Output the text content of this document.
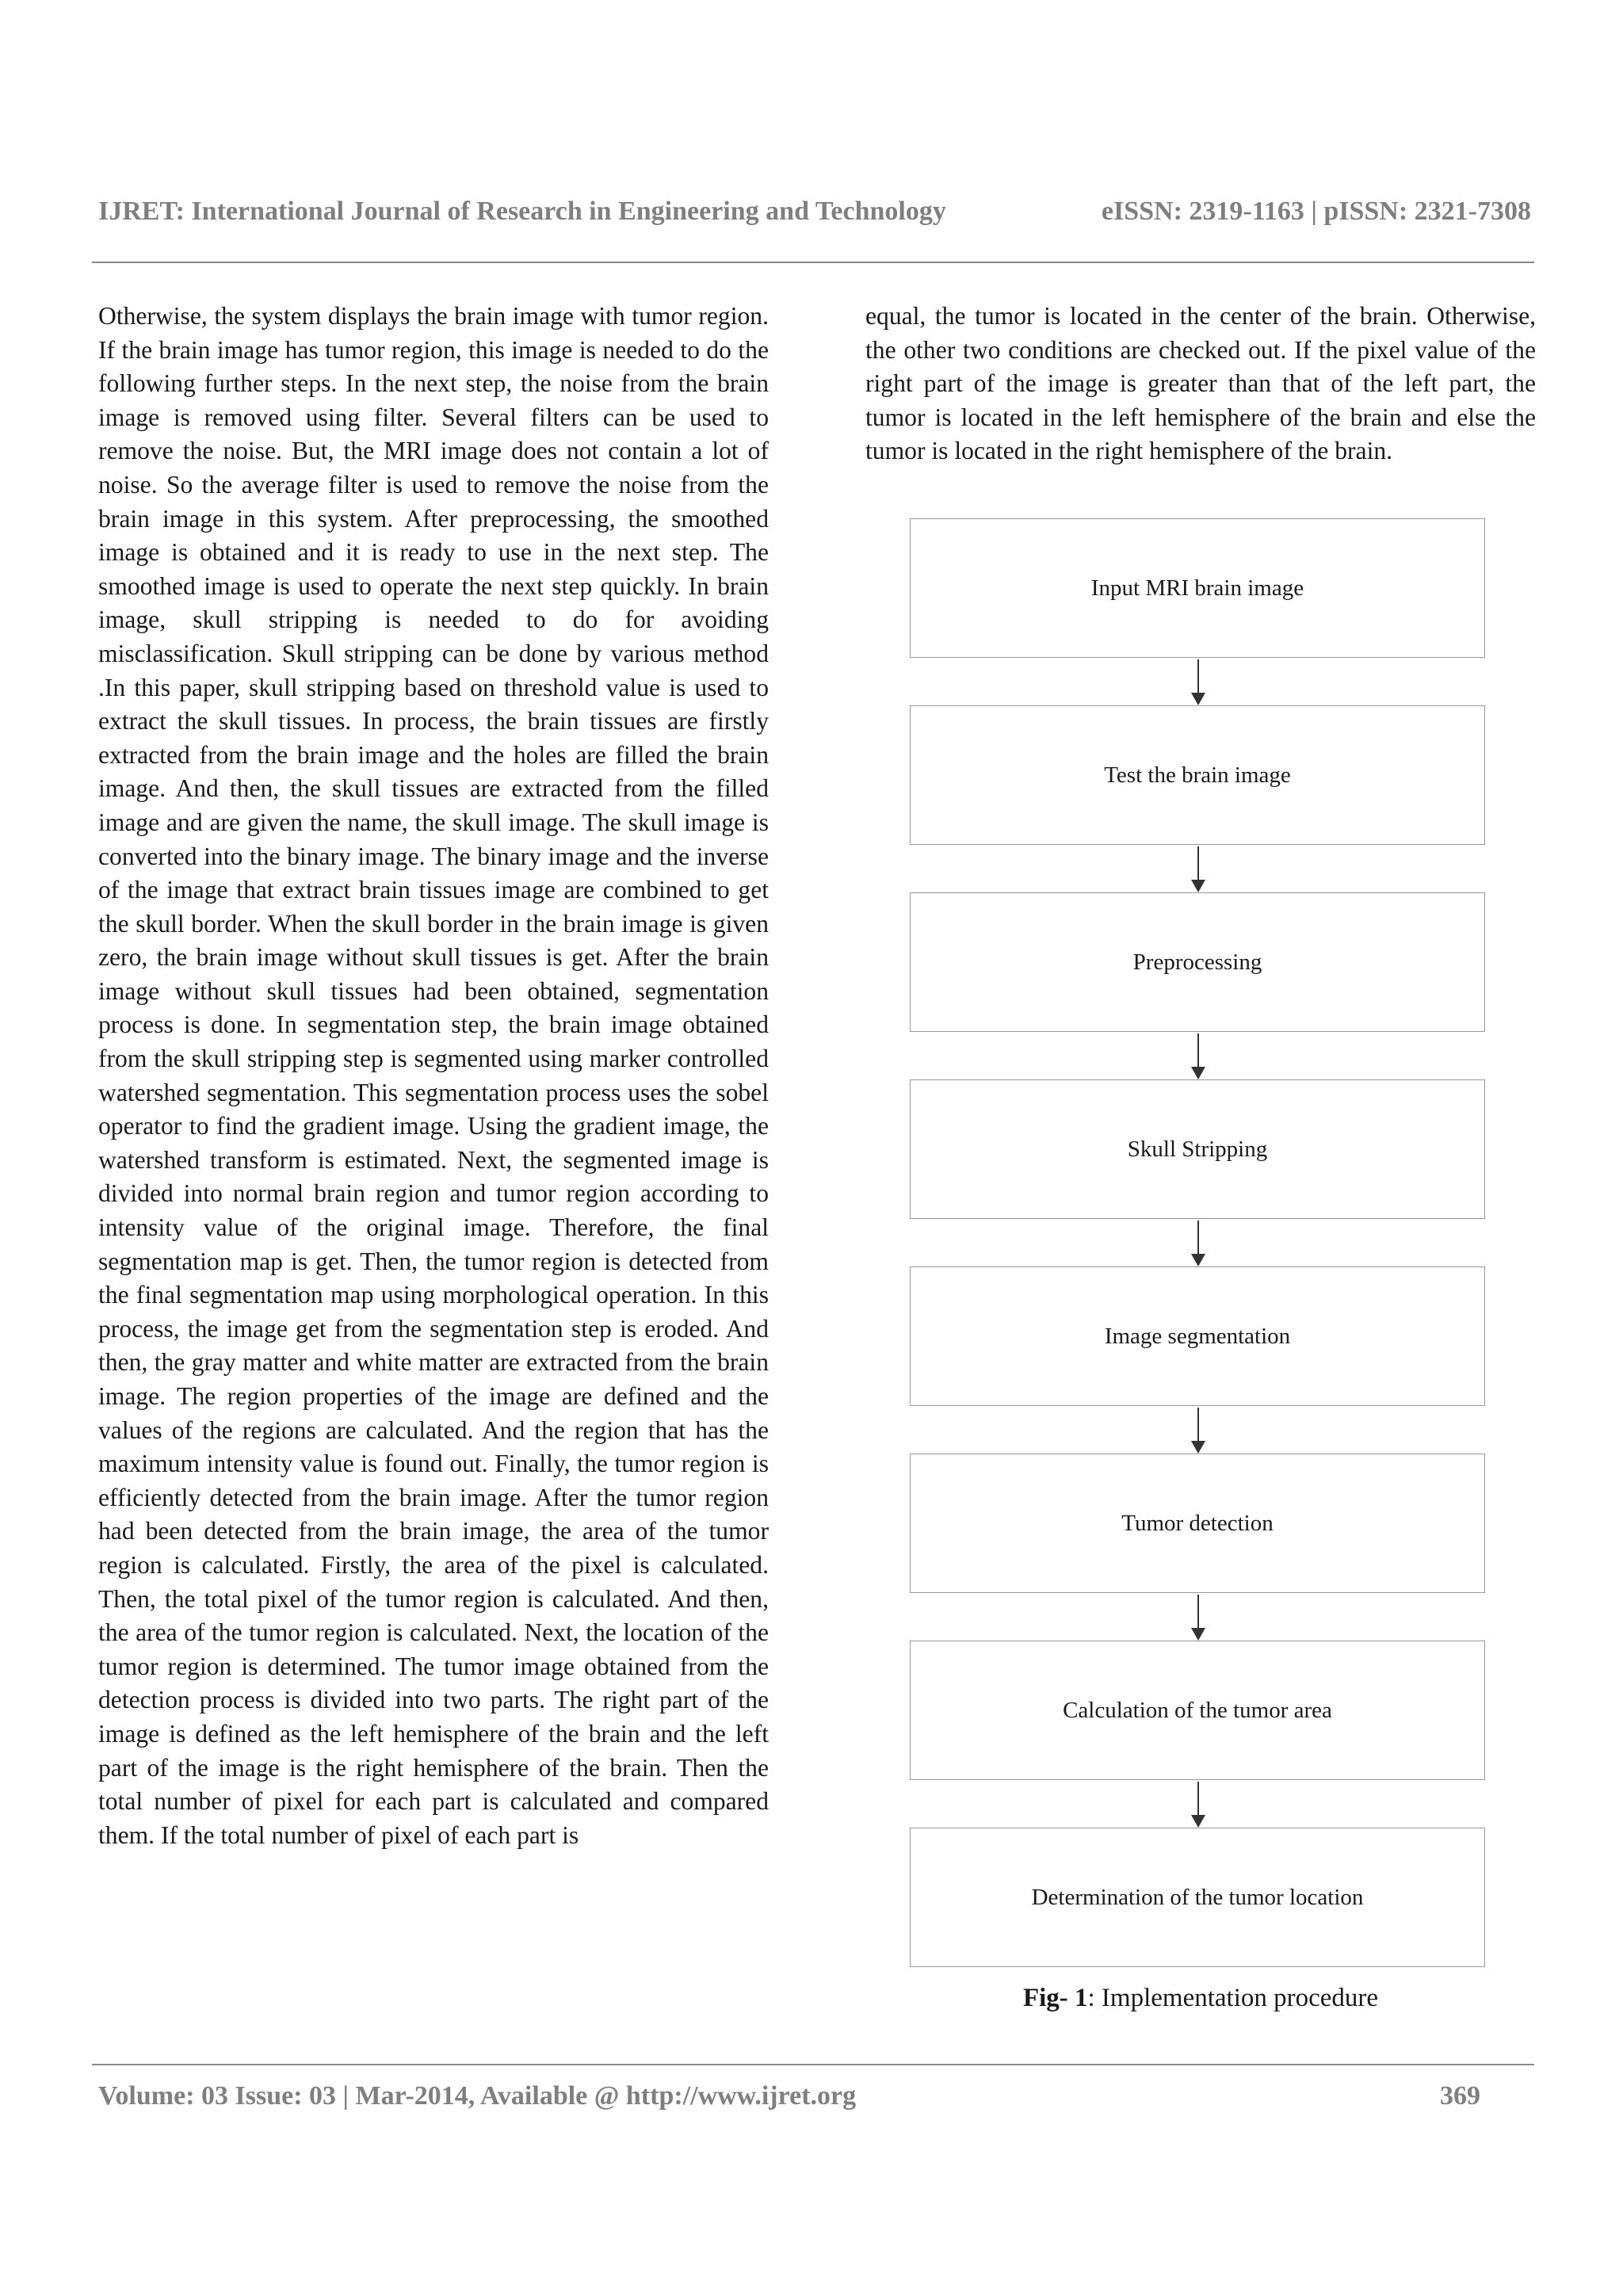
IJRET: International Journal of Research in Engineering and Technology	eISSN: 2319-1163 | pISSN: 2321-7308

Otherwise, the system displays the brain image with tumor region. If the brain image has tumor region, this image is needed to do the following further steps. In the next step, the noise from the brain image is removed using filter. Several filters can be used to remove the noise. But, the MRI image does not contain a lot of noise. So the average filter is used to remove the noise from the brain image in this system. After preprocessing, the smoothed image is obtained and it is ready to use in the next step. The smoothed image is used to operate the next step quickly. In brain image, skull stripping is needed to do for avoiding misclassification. Skull stripping can be done by various method .In this paper, skull stripping based on threshold value is used to extract the skull tissues. In process, the brain tissues are firstly extracted from the brain image and the holes are filled the brain image. And then, the skull tissues are extracted from the filled image and are given the name, the skull image. The skull image is converted into the binary image. The binary image and the inverse of the image that extract brain tissues image are combined to get the skull border. When the skull border in the brain image is given zero, the brain image without skull tissues is get. After the brain image without skull tissues had been obtained, segmentation process is done. In segmentation step, the brain image obtained from the skull stripping step is segmented using marker controlled watershed segmentation. This segmentation process uses the sobel operator to find the gradient image. Using the gradient image, the watershed transform is estimated. Next, the segmented image is divided into normal brain region and tumor region according to intensity value of the original image. Therefore, the final segmentation map is get. Then, the tumor region is detected from the final segmentation map using morphological operation. In this process, the image get from the segmentation step is eroded. And then, the gray matter and white matter are extracted from the brain image. The region properties of the image are defined and the values of the regions are calculated. And the region that has the maximum intensity value is found out. Finally, the tumor region is efficiently detected from the brain image. After the tumor region had been detected from the brain image, the area of the tumor region is calculated. Firstly, the area of the pixel is calculated. Then, the total pixel of the tumor region is calculated. And then, the area of the tumor region is calculated. Next, the location of the tumor region is determined. The tumor image obtained from the detection process is divided into two parts. The right part of the image is defined as the left hemisphere of the brain and the left part of the image is the right hemisphere of the brain. Then the total number of pixel for each part is calculated and compared them. If the total number of pixel of each part is

equal, the tumor is located in the center of the brain. Otherwise, the other two conditions are checked out. If the pixel value of the right part of the image is greater than that of the left part, the tumor is located in the left hemisphere of the brain and else the tumor is located in the right hemisphere of the brain.

Input MRI brain image
Test the brain image
Preprocessing
Skull Stripping
Image segmentation
Tumor detection
Calculation of the tumor area
Determination of the tumor location
Fig- 1: Implementation procedure
Volume: 03 Issue: 03 | Mar-2014, Available @ http://www.ijret.org	369
